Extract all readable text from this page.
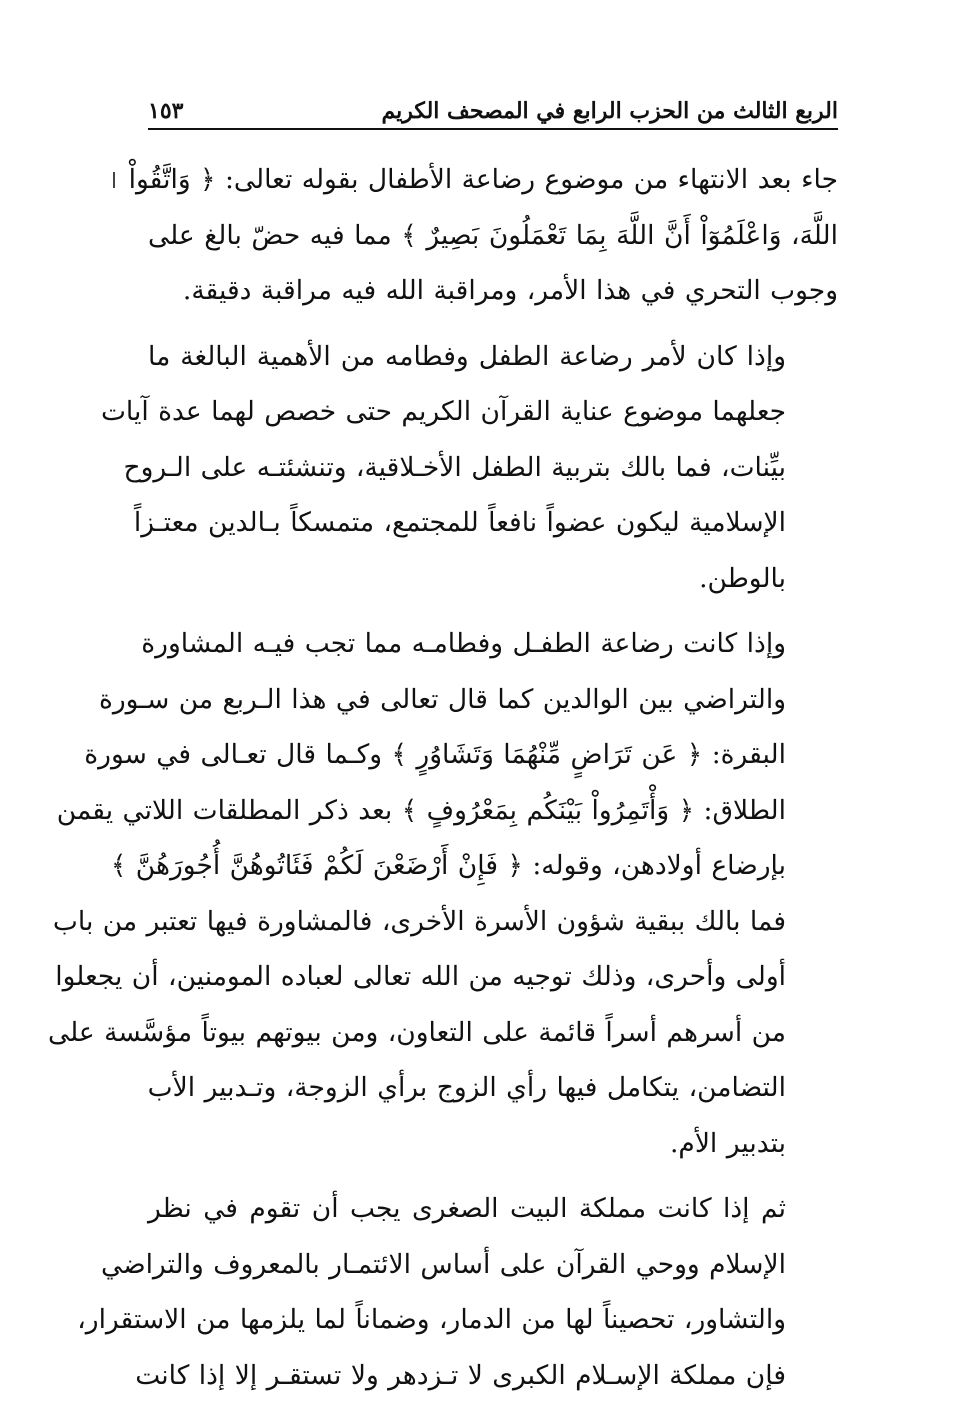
الربع الثالث من الحزب الرابع في المصحف الكريم
١٥٣

جاء بعد الانتهاء من موضوع رضاعة الأطفال بقوله تعالى: ﴿ وَاتَّقُواْ
اللَّهَ، وَاعْلَمُوٓاْ أَنَّ اللَّهَ بِمَا تَعْمَلُونَ بَصِيرٌ ﴾ مما فيه حضّ بالغ على
وجوب التحري في هذا الأمر، ومراقبة الله فيه مراقبة دقيقة.

وإذا كان لأمر رضاعة الطفل وفطامه من الأهمية البالغة ما
جعلهما موضوع عناية القرآن الكريم حتى خصص لهما عدة آيات
بيِّنات، فما بالك بتربية الطفل الأخـلاقية، وتنشئتـه على الـروح
الإسلامية ليكون عضواً نافعاً للمجتمع، متمسكاً بـالدين معتـزاً
بالوطن.

وإذا كانت رضاعة الطفـل وفطامـه مما تجب فيـه المشاورة
والتراضي بين الوالدين كما قال تعالى في هذا الـربع من سـورة
البقرة: ﴿ عَن تَرَاضٍ مِّنْهُمَا وَتَشَاوُرٍ ﴾ وكـما قال تعـالى في سورة
الطلاق: ﴿ وَأْتَمِرُواْ بَيْنَكُم بِمَعْرُوفٍ ﴾ بعد ذكر المطلقات اللاتي يقمن
بإرضاع أولادهن، وقوله: ﴿ فَإِنْ أَرْضَعْنَ لَكُمْ فَئَاتُوهُنَّ أُجُورَهُنَّ ﴾
فما بالك ببقية شؤون الأسرة الأخرى، فالمشاورة فيها تعتبر من باب
أولى وأحرى، وذلك توجيه من الله تعالى لعباده المومنين، أن يجعلوا
من أسرهم أسراً قائمة على التعاون، ومن بيوتهم بيوتاً مؤسَّسة على
التضامن، يتكامل فيها رأي الزوج برأي الزوجة، وتـدبير الأب
بتدبير الأم.

ثم إذا كانت مملكة البيت الصغرى يجب أن تقوم في نظر
الإسلام ووحي القرآن على أساس الائتمـار بالمعروف والتراضي
والتشاور، تحصيناً لها من الدمار، وضماناً لما يلزمها من الاستقرار،
فإن مملكة الإسـلام الكبرى لا تـزدهر ولا تستقـر إلا إذا كانت
